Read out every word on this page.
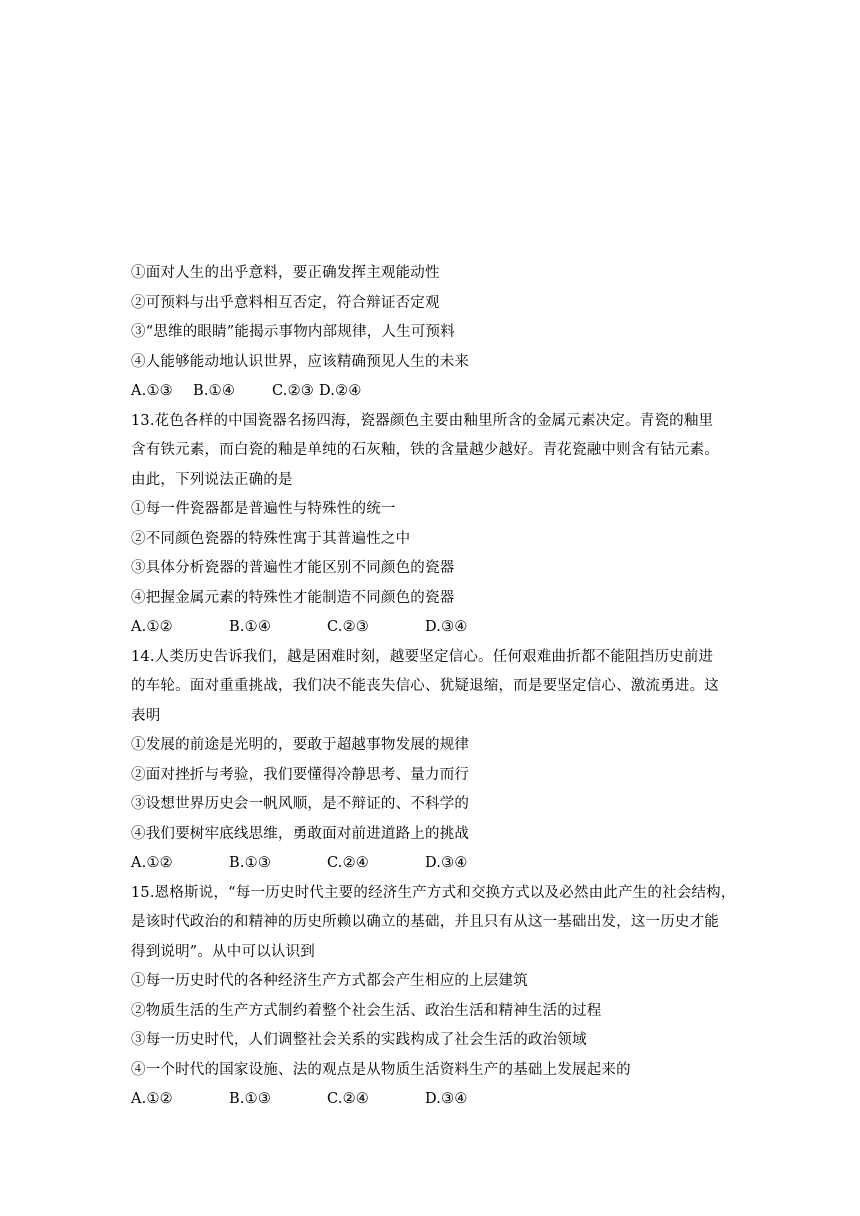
①面对人生的出乎意料，要正确发挥主观能动性
②可预料与出乎意料相互否定，符合辩证否定观
③“思维的眼睛”能揭示事物内部规律，人生可预料
④人能够能动地认识世界，应该精确预见人生的未来
A.①③ B.①④	C.②③ D.②④
13.花色各样的中国瓷器名扬四海，瓷器颜色主要由釉里所含的金属元素决定。青瓷的釉里
含有铁元素，而白瓷的釉是单纯的石灰釉，铁的含量越少越好。青花瓷融中则含有钴元素。
由此，下列说法正确的是
①每一件瓷器都是普遍性与特殊性的统一
②不同颜色瓷器的特殊性寓于其普遍性之中
③具体分析瓷器的普遍性才能区别不同颜色的瓷器
④把握金属元素的特殊性才能制造不同颜色的瓷器
A.①②	B.①④	C.②③	D.③④
14.人类历史告诉我们，越是困难时刻，越要坚定信心。任何艰难曲折都不能阻挡历史前进
的车轮。面对重重挑战，我们决不能丧失信心、犹疑退缩，而是要坚定信心、激流勇进。这
表明
①发展的前途是光明的，要敢于超越事物发展的规律
②面对挫折与考验，我们要懂得冷静思考、量力而行
③设想世界历史会一帆风顺，是不辩证的、不科学的
④我们要树牢底线思维，勇敢面对前进道路上的挑战
A.①②	B.①③	C.②④	D.③④
15.恩格斯说，“每一历史时代主要的经济生产方式和交换方式以及必然由此产生的社会结构，
是该时代政治的和精神的历史所赖以确立的基础，并且只有从这一基础出发，这一历史才能
得到说明”。从中可以认识到
①每一历史时代的各种经济生产方式都会产生相应的上层建筑
②物质生活的生产方式制约着整个社会生活、政治生活和精神生活的过程
③每一历史时代，人们调整社会关系的实践构成了社会生活的政治领域
④一个时代的国家设施、法的观点是从物质生活资料生产的基础上发展起来的
A.①②	B.①③	C.②④	D.③④
